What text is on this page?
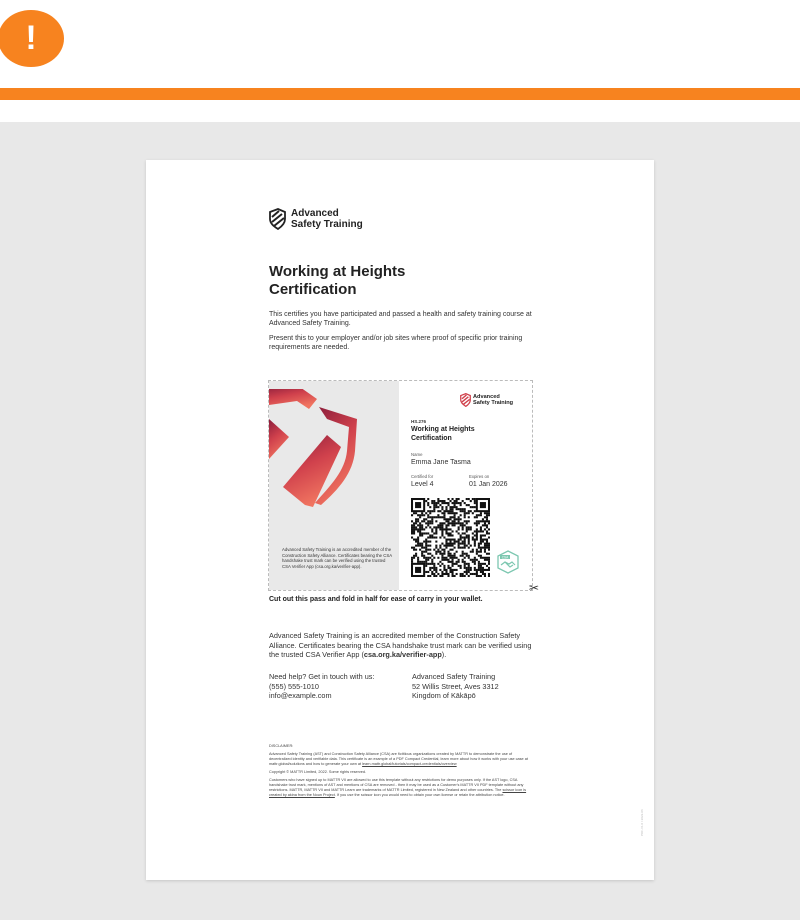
!
Advanced
Safety Training
Working at Heights
Certification

This certifies you have participated and passed a health and safety training course at Advanced Safety Training.

Present this to your employer and/or job sites where proof of specific prior training requirements are needed.

Advanced Safety Training is an accredited member of the Construction Safety Alliance. Certificates bearing the CSA handshake trust mark can be verified using the trusted CSA Verifier App (csa.org.ka/verifier-app).
Advanced
Safety Training
HS.276
Working at Heights
Certification
Name
Emma Jane Tasma
Certified for
Level 4
Expires on
01 Jan 2026
CSA
✂
Cut out this pass and fold in half for ease of carry in your wallet.

Advanced Safety Training is an accredited member of the Construction Safety Alliance. Certificates bearing the CSA handshake trust mark can be verified using the trusted CSA Verifier App (csa.org.ka/verifier-app).

Need help? Get in touch with us:
(555) 555-1010
info@example.com
Advanced Safety Training
52 Willis Street, Aves 3312
Kingdom of Kākāpō

DISCLAIMER:

Advanced Safety Training (AST) and Construction Safety Alliance (CSA) are fictitious organizations created by MATTR to demonstrate the use of decentralized identity and verifiable data. This certificate is an example of a PDF Compact Credential, learn more about how it works with your use case at mattr.global/solutions and how to generate your own at learn.mattr.global/tutorials/compact-credentials/overview

Copyright © MATTR Limited, 2022. Some rights reserved.

Customers who have signed up to MATTR VII are allowed to use this template without any restrictions for demo purposes only. If the AST logo, CSA handshake trust mark, mentions of AST and mentions of CSA are removed - then it may be used as a Customer's MATTR VII PDF template without any restrictions. MATTR, MATTR VII and MATTR Learn are trademarks of MATTR Limited, registered in New Zealand and other countries. The scissor icon is created by akina from the Noun Project. If you use the scissor icon you would need to obtain your own license or retain the attribution notice.

PDF-V1.0 / 2022-06
